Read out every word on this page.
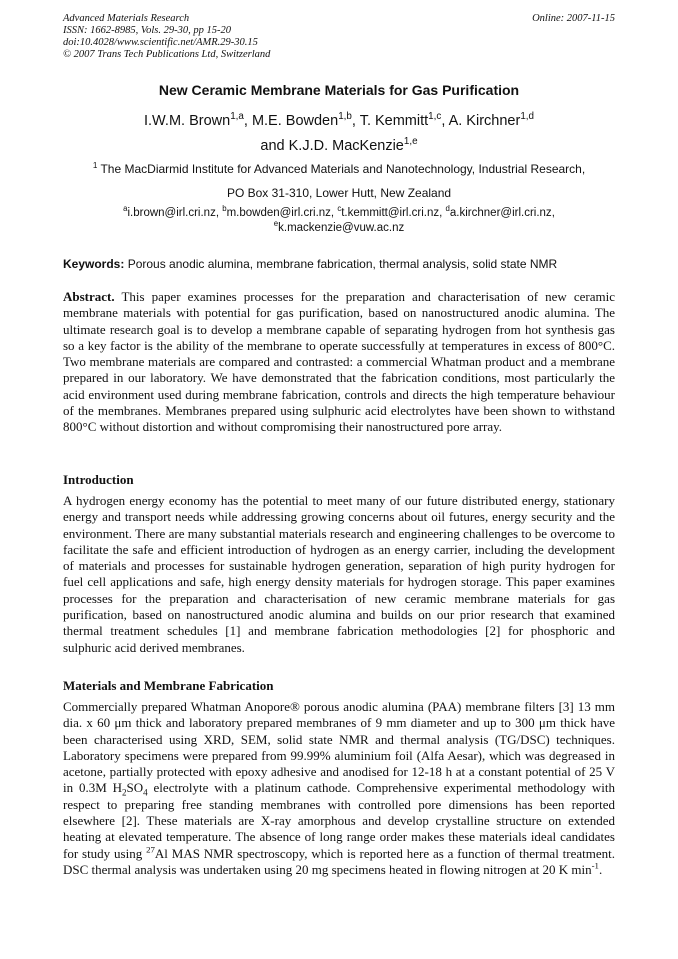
Advanced Materials Research
ISSN: 1662-8985, Vols. 29-30, pp 15-20
doi:10.4028/www.scientific.net/AMR.29-30.15
© 2007 Trans Tech Publications Ltd, Switzerland
Online: 2007-11-15
New Ceramic Membrane Materials for Gas Purification
I.W.M. Brown$^{1,a}$, M.E. Bowden$^{1,b}$, T. Kemmitt$^{1,c}$, A. Kirchner$^{1,d}$
and K.J.D. MacKenzie$^{1,e}$
$^1$ The MacDiarmid Institute for Advanced Materials and Nanotechnology, Industrial Research,
PO Box 31-310, Lower Hutt, New Zealand
$^a$i.brown@irl.cri.nz, $^b$m.bowden@irl.cri.nz, $^c$t.kemmitt@irl.cri.nz, $^d$a.kirchner@irl.cri.nz,
$^e$k.mackenzie@vuw.ac.nz
Keywords: Porous anodic alumina, membrane fabrication, thermal analysis, solid state NMR
Abstract. This paper examines processes for the preparation and characterisation of new ceramic membrane materials with potential for gas purification, based on nanostructured anodic alumina. The ultimate research goal is to develop a membrane capable of separating hydrogen from hot synthesis gas so a key factor is the ability of the membrane to operate successfully at temperatures in excess of 800°C. Two membrane materials are compared and contrasted: a commercial Whatman product and a membrane prepared in our laboratory. We have demonstrated that the fabrication conditions, most particularly the acid environment used during membrane fabrication, controls and directs the high temperature behaviour of the membranes. Membranes prepared using sulphuric acid electrolytes have been shown to withstand 800°C without distortion and without compromising their nanostructured pore array.
Introduction
A hydrogen energy economy has the potential to meet many of our future distributed energy, stationary energy and transport needs while addressing growing concerns about oil futures, energy security and the environment. There are many substantial materials research and engineering challenges to be overcome to facilitate the safe and efficient introduction of hydrogen as an energy carrier, including the development of materials and processes for sustainable hydrogen generation, separation of high purity hydrogen for fuel cell applications and safe, high energy density materials for hydrogen storage. This paper examines processes for the preparation and characterisation of new ceramic membrane materials for gas purification, based on nanostructured anodic alumina and builds on our prior research that examined thermal treatment schedules [1] and membrane fabrication methodologies [2] for phosphoric and sulphuric acid derived membranes.
Materials and Membrane Fabrication
Commercially prepared Whatman Anopore® porous anodic alumina (PAA) membrane filters [3] 13 mm dia. x 60 μm thick and laboratory prepared membranes of 9 mm diameter and up to 300 μm thick have been characterised using XRD, SEM, solid state NMR and thermal analysis (TG/DSC) techniques. Laboratory specimens were prepared from 99.99% aluminium foil (Alfa Aesar), which was degreased in acetone, partially protected with epoxy adhesive and anodised for 12-18 h at a constant potential of 25 V in 0.3M $H_2SO_4$ electrolyte with a platinum cathode. Comprehensive experimental methodology with respect to preparing free standing membranes with controlled pore dimensions has been reported elsewhere [2]. These materials are X-ray amorphous and develop crystalline structure on extended heating at elevated temperature. The absence of long range order makes these materials ideal candidates for study using $^{27}$Al MAS NMR spectroscopy, which is reported here as a function of thermal treatment. DSC thermal analysis was undertaken using 20 mg specimens heated in flowing nitrogen at 20 K $\min^{-1}$.
